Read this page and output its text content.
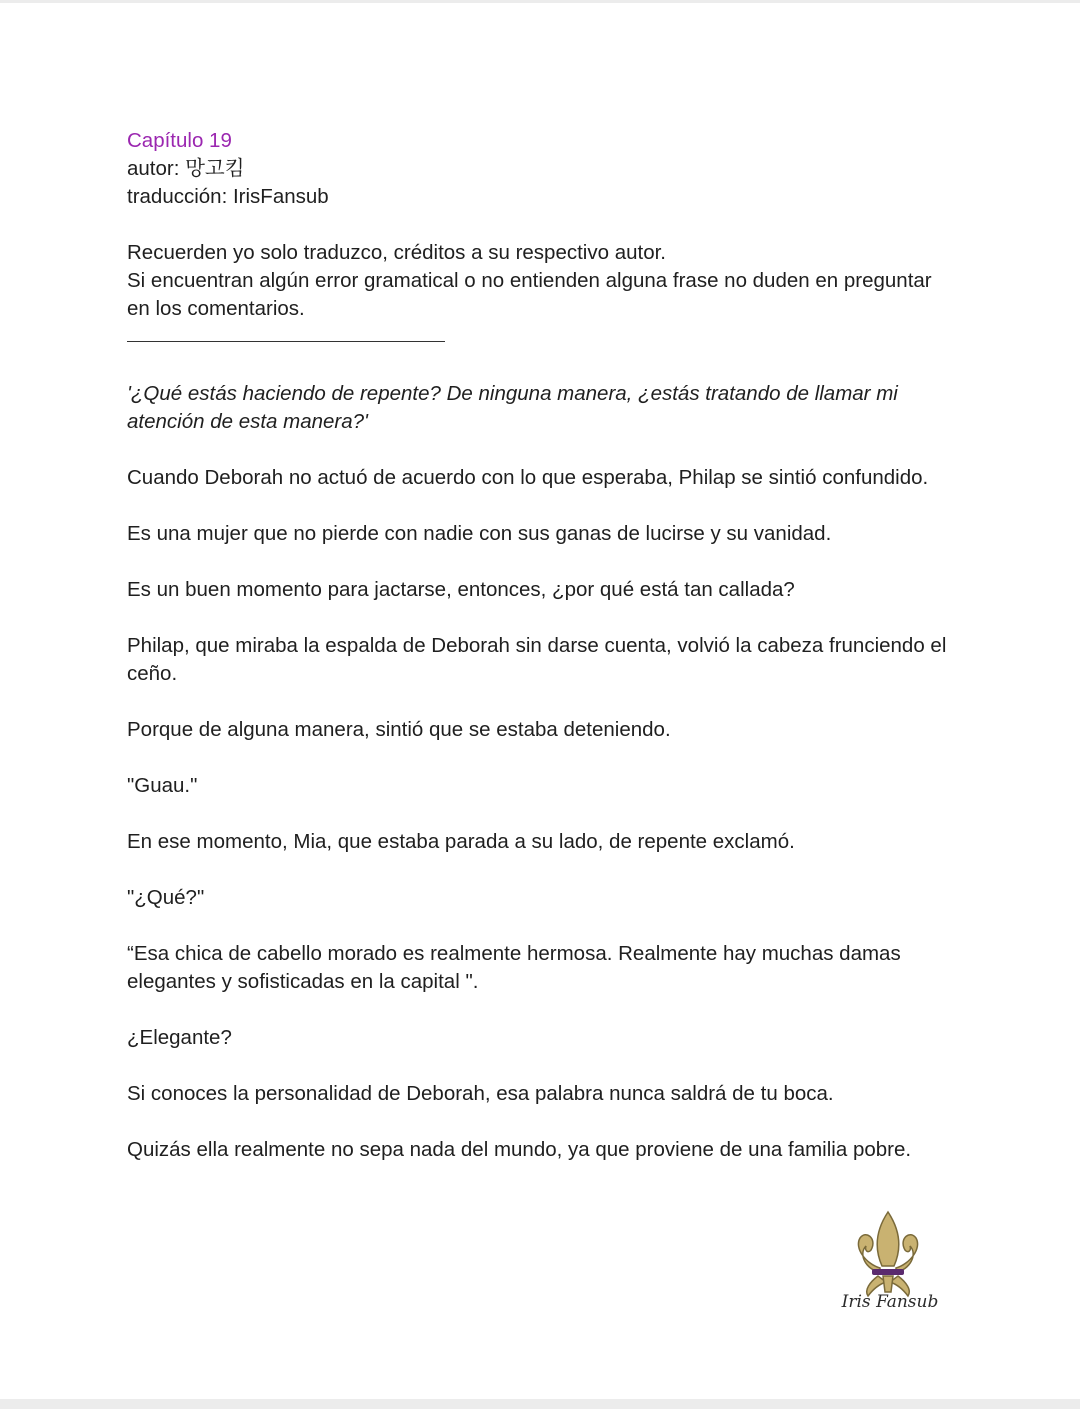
Capítulo 19

autor: 망고킴

traducción: IrisFansub

Recuerden yo solo traduzco, créditos a su respectivo autor.

Si encuentran algún error gramatical o no entienden alguna frase no duden en preguntar en los comentarios.

'¿Qué estás haciendo de repente? De ninguna manera, ¿estás tratando de llamar mi atención de esta manera?'

Cuando Deborah no actuó de acuerdo con lo que esperaba, Philap se sintió confundido.

Es una mujer que no pierde con nadie con sus ganas de lucirse y su vanidad.

Es un buen momento para jactarse, entonces, ¿por qué está tan callada?

Philap, que miraba la espalda de Deborah sin darse cuenta, volvió la cabeza frunciendo el ceño.

Porque de alguna manera, sintió que se estaba deteniendo.

"Guau."

En ese momento, Mia, que estaba parada a su lado, de repente exclamó.

"¿Qué?"

“Esa chica de cabello morado es realmente hermosa. Realmente hay muchas damas elegantes y sofisticadas en la capital ".

¿Elegante?

Si conoces la personalidad de Deborah, esa palabra nunca saldrá de tu boca.

Quizás ella realmente no sepa nada del mundo, ya que proviene de una familia pobre.

Iris Fansub
